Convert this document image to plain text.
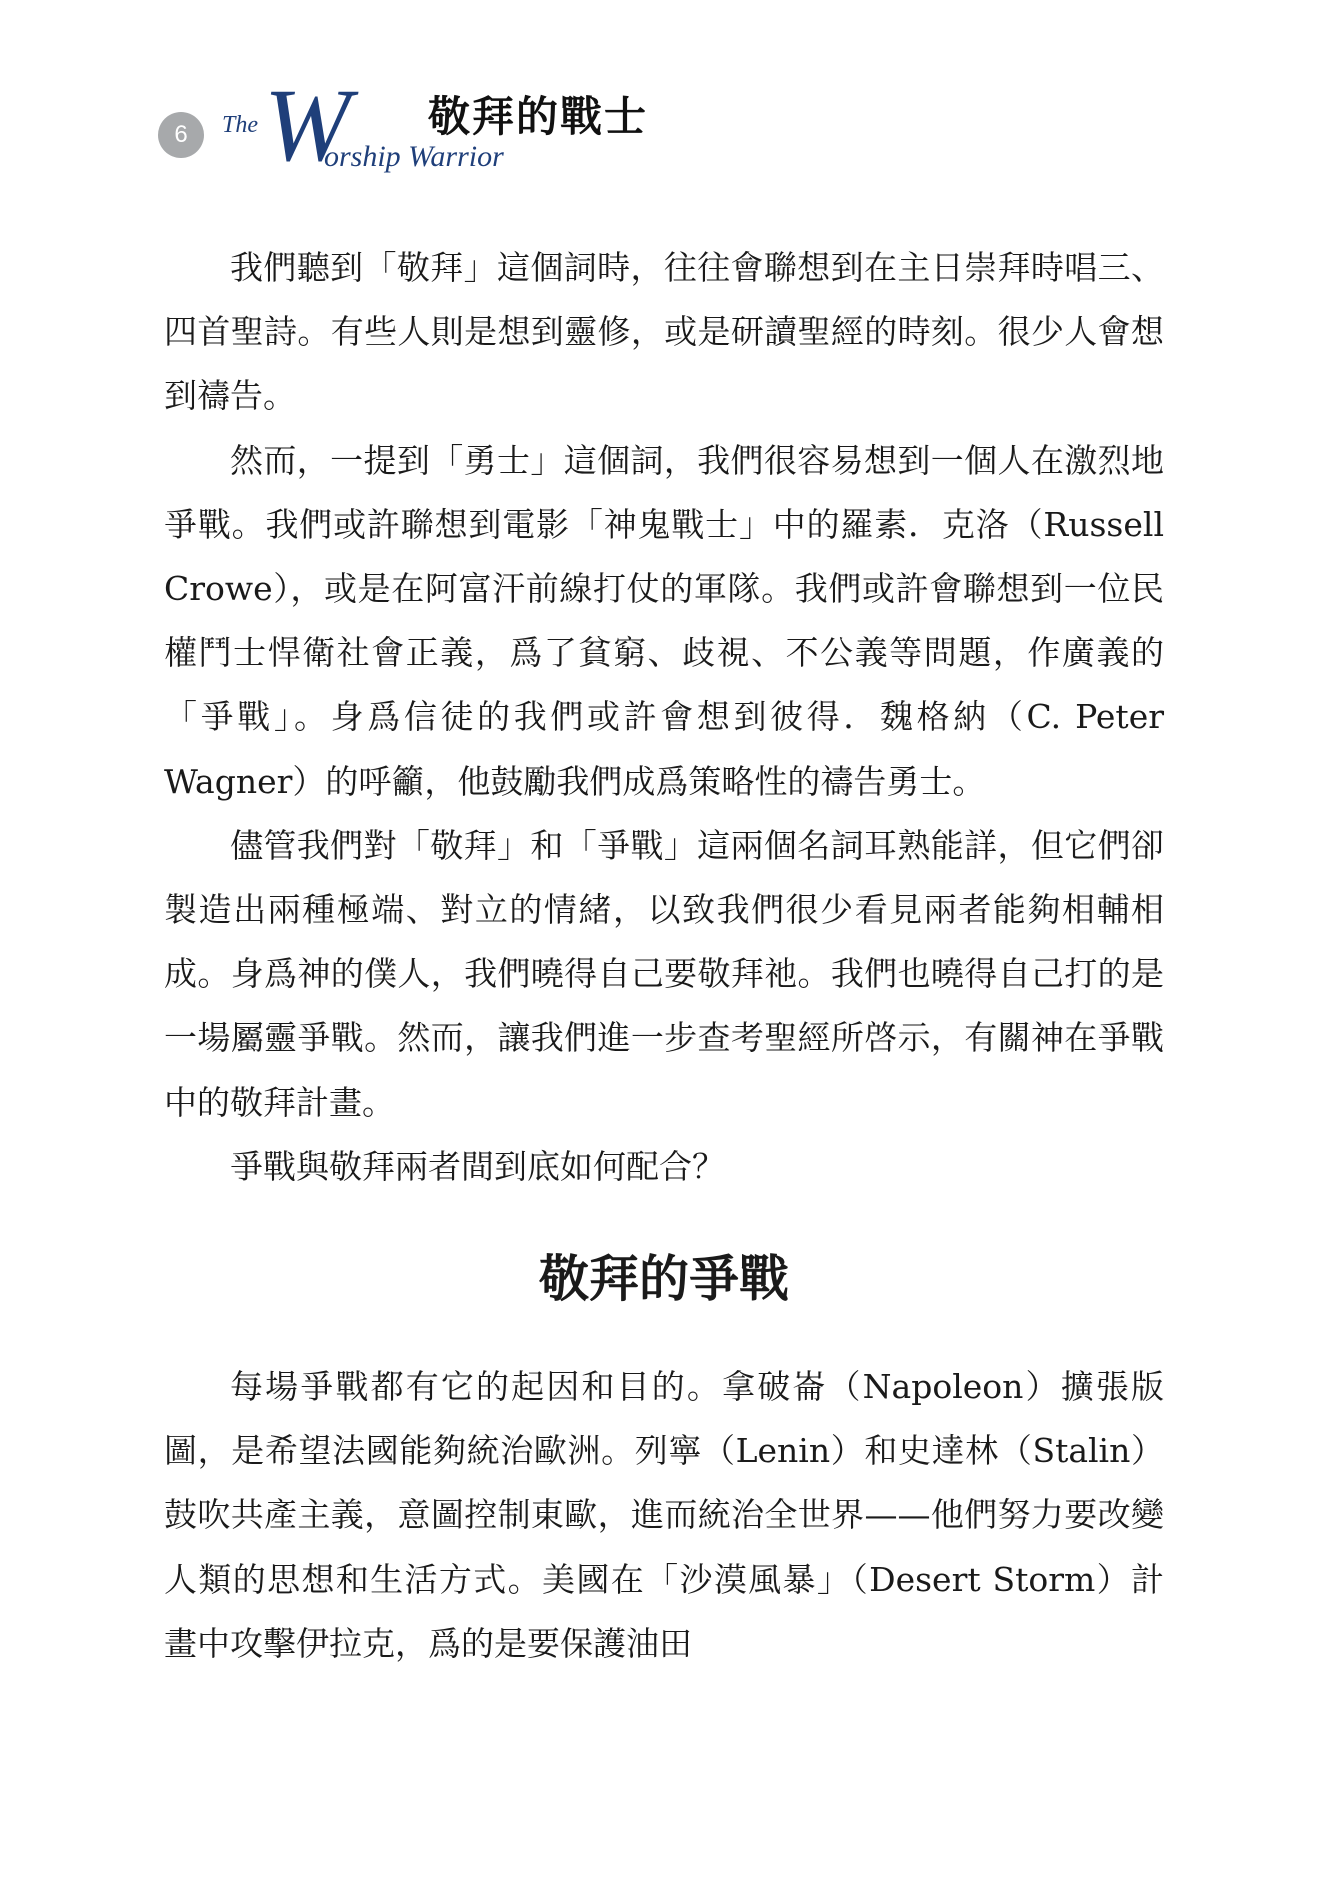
6	The W
orship Warrior
敬拜的戰士

我們聽到「敬拜」這個詞時，往往會聯想到在主日崇拜時唱三、四首聖詩。有些人則是想到靈修，或是研讀聖經的時刻。很少人會想到禱告。

然而，一提到「勇士」這個詞，我們很容易想到一個人在激烈地爭戰。我們或許聯想到電影「神鬼戰士」中的羅素．克洛（Russell Crowe），或是在阿富汗前線打仗的軍隊。我們或許會聯想到一位民權鬥士悍衛社會正義，爲了貧窮、歧視、不公義等問題，作廣義的「爭戰」。身爲信徒的我們或許會想到彼得．魏格納（C. Peter Wagner）的呼籲，他鼓勵我們成爲策略性的禱告勇士。

儘管我們對「敬拜」和「爭戰」這兩個名詞耳熟能詳，但它們卻製造出兩種極端、對立的情緒，以致我們很少看見兩者能夠相輔相成。身爲神的僕人，我們曉得自己要敬拜祂。我們也曉得自己打的是一場屬靈爭戰。然而，讓我們進一步查考聖經所啓示，有關神在爭戰中的敬拜計畫。

爭戰與敬拜兩者間到底如何配合？

敬拜的爭戰

每場爭戰都有它的起因和目的。拿破崙（Napoleon）擴張版圖，是希望法國能夠統治歐洲。列寧（Lenin）和史達林（Stalin）鼓吹共產主義，意圖控制東歐，進而統治全世界——他們努力要改變人類的思想和生活方式。美國在「沙漠風暴」（Desert Storm）計畫中攻擊伊拉克，爲的是要保護油田
